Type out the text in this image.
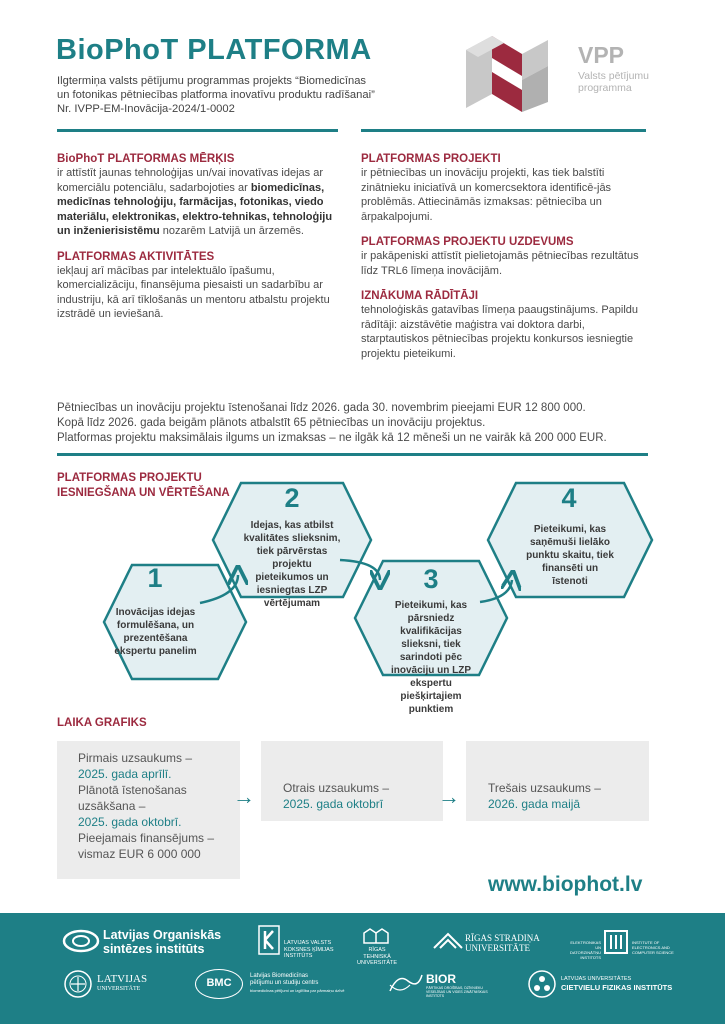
BioPhoT PLATFORMA
Ilgtermiņa valsts pētījumu programmas projekts “Biomedicīnas
un fotonikas pētniecības platforma inovatīvu produktu radīšanai”
Nr. IVPP-EM-Inovācija-2024/1-0002
VPP
Valsts pētījumu programma
BioPhoT PLATFORMAS MĒRĶIS
ir attīstīt jaunas tehnoloģijas un/vai inovatīvas idejas ar komerciālu potenciālu, sadarbojoties ar biomedicīnas, medicīnas tehnoloģiju, farmācijas, fotonikas, viedo materiālu, elektronikas, elektro-tehnikas, tehnoloģiju un inženierisistēmu nozarēm Latvijā un ārzemēs.
PLATFORMAS AKTIVITĀTES
iekļauj arī mācības par intelektuālo īpašumu, komercializāciju, finansējuma piesaisti un sadarbību ar industriju, kā arī tīklošanās un mentoru atbalstu projektu izstrādē un ieviešanā.
PLATFORMAS PROJEKTI
ir pētniecības un inovāciju projekti, kas tiek balstīti zinātnieku iniciatīvā un komercsektora identificē-jās problēmās. Attiecināmās izmaksas: pētniecība un ārpakalpojumi.
PLATFORMAS PROJEKTU UZDEVUMS
ir pakāpeniski attīstīt pielietojamās pētniecības rezultātus līdz TRL6 līmeņa inovācijām.
IZNĀKUMA RĀDĪTĀJI
tehnoloģiskās gatavības līmeņa paaugstinājums. Papildu rādītāji: aizstāvētie maģistra vai doktora darbi, starptautiskos pētniecības projektu konkursos iesniegtie projektu pieteikumi.
Pētniecības un inovāciju projektu īstenošanai līdz 2026. gada 30. novembrim pieejami EUR 12 800 000.
Kopā līdz 2026. gada beigām plānots atbalstīt 65 pētniecības un inovāciju projektus.
Platformas projektu maksimālais ilgums un izmaksas – ne ilgāk kā 12 mēneši un ne vairāk kā 200 000 EUR.
PLATFORMAS PROJEKTU
IESNIEGŠANA UN VĒRTĒŠANA
1
Inovācijas idejas formulēšana, un prezentēšana ekspertu panelim
2
Idejas, kas atbilst kvalitātes slieksnim, tiek pārvērstas projektu pieteikumos un iesniegtas LZP vērtējumam
3
Pieteikumi, kas pārsniedz kvalifikācijas slieksni, tiek sarindoti pēc inovāciju un LZP ekspertu piešķirtajiem punktiem
4
Pieteikumi, kas saņēmuši lielāko punktu skaitu, tiek finansēti un īstenoti
LAIKA GRAFIKS
Pirmais uzsaukums –
2025. gada aprīlī.
Plānotā īstenošanas uzsākšana –
2025. gada oktobrī.
Pieejamais finansējums – vismaz EUR 6 000 000
→ Otrais uzsaukums –
2025. gada oktobrī	→ Trešais uzsaukums –
2026. gada maijā
www.biophot.lv
Latvijas Organiskās
sintēzes institūts	LATVIJAS VALSTS
KOKSNES ĶĪMIJAS
INSTITŪTS
RĪGAS TEHNISKĀ
UNIVERSITĀTE
RĪGAS STRADIŅA
UNIVERSITĀTE
ELEKTRONIKAS UN
DATORZINĀTŅU
INSTITŪTS
INSTITUTE OF
ELECTRONICS AND
COMPUTER SCIENCE
LATVIJAS
UNIVERSITĀTE	BMC
Latvijas Biomedicīnas
pētījumu un studiju centrs
biomedicīnas pētījumi un izglītība par pārmaiņu dzīvē
BIOR
PĀRTIKAS DROŠĪBAS, DZĪVNIEKU VESELĪBAS UN VIDES ZINĀTNISKAIS INSTITŪTS
LATVIJAS UNIVERSITĀTES
CIETVIELU FIZIKAS INSTITŪTS
